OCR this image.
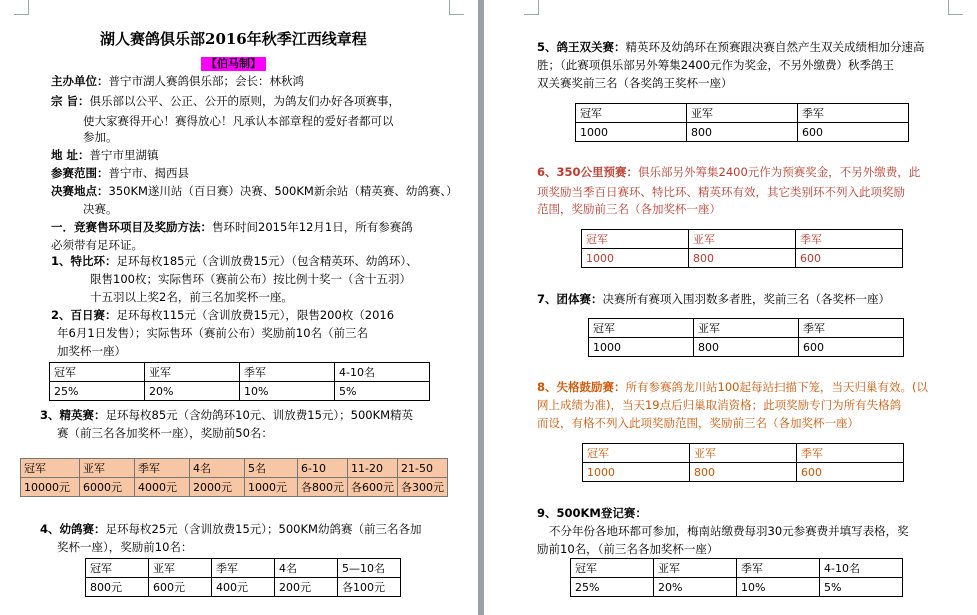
湖人赛鸽俱乐部2016年秋季江西线章程
【伯马制】
主办单位：普宁市湖人赛鸽俱乐部；会长：林秋鸿
宗 旨：俱乐部以公平、公正、公开的原则，为鸽友们办好各项赛事，
使大家赛得开心！赛得放心！凡承认本部章程的爱好者都可以
参加。
地 址：普宁市里湖镇
参赛范围：普宁市、揭西县
决赛地点：350KM遂川站（百日赛）决赛、500KM新余站（精英赛、幼鸽赛、）
决赛。
一．竞赛售环项目及奖励方法：售环时间2015年12月1日，所有参赛鸽
必须带有足环证。
1、特比环：足环每枚185元（含训放费15元）（包含精英环、幼鸽环）、
限售100枚；实际售环（赛前公布）按比例十奖一（含十五羽）
十五羽以上奖2名，前三名加奖杯一座。
2、百日赛：足环每枚115元（含训放费15元），限售200枚（2016
年6月1日发售）；实际售环（赛前公布）奖励前10名（前三名
加奖杯一座）
3、精英赛：足环每枚85元（含幼鸽环10元、训放费15元）；500KM精英
赛（前三名各加奖杯一座），奖励前50名：
4、幼鸽赛：足环每枚25元（含训放费15元）；500KM幼鸽赛（前三名各加
奖杯一座），奖励前10名：
冠军	亚军	季军	4-10名
25%	20%	10%	5%
冠军	亚军	季军	4名	5名	6-10	11-20	21-50
10000元	6000元	4000元	2000元	1000元	各800元	各600元	各300元
冠军	亚军	季军	4名	5—10名
800元	600元	400元	200元	各100元
5、鸽王双关赛：精英环及幼鸽环在预赛跟决赛自然产生双关成绩相加分速高
胜；（此赛项俱乐部另外筹集2400元作为奖金，不另外缴费）秋季鸽王
双关赛奖前三名（各奖鸽王奖杯一座）
6、350公里预赛：俱乐部另外筹集2400元作为预赛奖金，不另外缴费，此
项奖励当季百日赛环、特比环、精英环有效，其它类别环不列入此项奖励
范围，奖励前三名（各加奖杯一座）
7、团体赛：决赛所有赛项入围羽数多者胜，奖前三名（各奖杯一座）
8、失格鼓励赛：所有参赛鸽龙川站100起每站扫描下笼，当天归巢有效。(以
网上成绩为准)，当天19点后归巢取消资格；此项奖励专门为所有失格鸽
而设，有格不列入此项奖励范围，奖励前三名（各加奖杯一座）
9、500KM登记赛：
不分年份各地环都可参加，梅南站缴费每羽30元参赛费并填写表格，奖
励前10名，（前三名各加奖杯一座）
冠军	亚军	季军
1000	800	600
冠军	亚军	季军
1000	800	600
冠军	亚军	季军
1000	800	600
冠军	亚军	季军
1000	800	600
冠军	亚军	季军	4-10名
25%	20%	10%	5%
